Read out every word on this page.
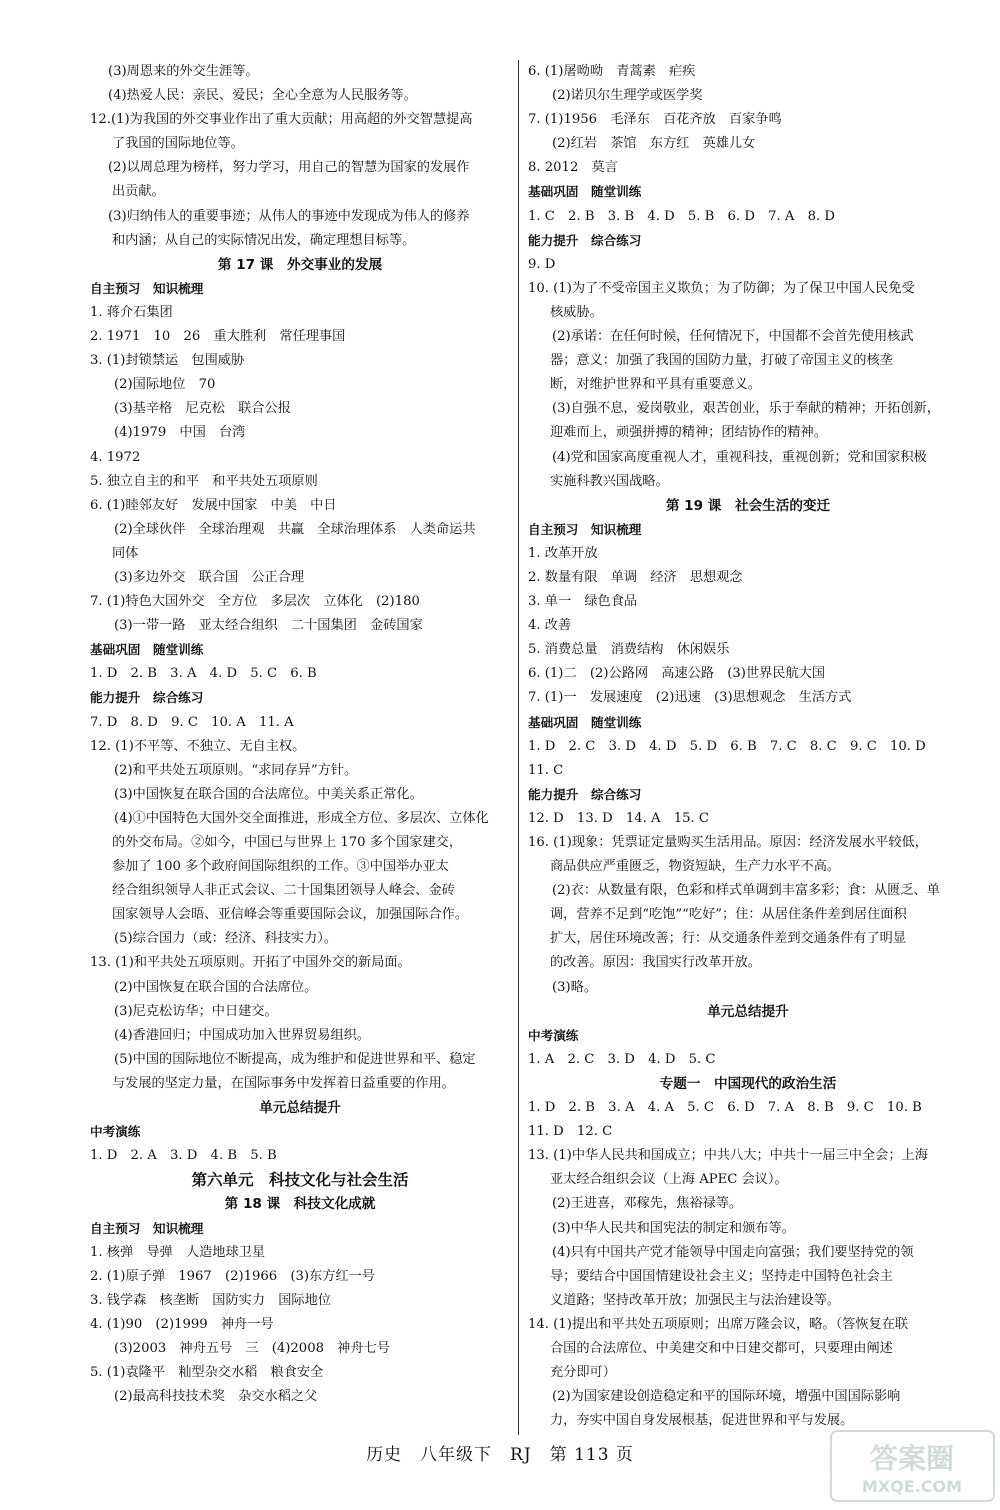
(3)周恩来的外交生涯等。
(4)热爱人民：亲民、爱民；全心全意为人民服务等。
12.(1)为我国的外交事业作出了重大贡献；用高超的外交智慧提高
了我国的国际地位等。
(2)以周总理为榜样，努力学习，用自己的智慧为国家的发展作
出贡献。
(3)归纳伟人的重要事迹；从伟人的事迹中发现成为伟人的修养
和内涵；从自己的实际情况出发，确定理想目标等。
第 17 课　外交事业的发展
自主预习　知识梳理
1. 蒋介石集团
2. 1971　10　26　重大胜利　常任理事国
3. (1)封锁禁运　包围威胁
(2)国际地位　70
(3)基辛格　尼克松　联合公报
(4)1979　中国　台湾
4. 1972
5. 独立自主的和平　和平共处五项原则
6. (1)睦邻友好　发展中国家　中美　中日
(2)全球伙伴　全球治理观　共赢　全球治理体系　人类命运共
同体
(3)多边外交　联合国　公正合理
7. (1)特色大国外交　全方位　多层次　立体化　(2)180
(3)一带一路　亚太经合组织　二十国集团　金砖国家
基础巩固　随堂训练
1. D　2. B　3. A　4. D　5. C　6. B
能力提升　综合练习
7. D　8. D　9. C　10. A　11. A
12. (1)不平等、不独立、无自主权。
(2)和平共处五项原则。“求同存异”方针。
(3)中国恢复在联合国的合法席位。中美关系正常化。
(4)①中国特色大国外交全面推进，形成全方位、多层次、立体化
的外交布局。②如今，中国已与世界上 170 多个国家建交，
参加了 100 多个政府间国际组织的工作。③中国举办亚太
经合组织领导人非正式会议、二十国集团领导人峰会、金砖
国家领导人会晤、亚信峰会等重要国际会议，加强国际合作。
(5)综合国力（或：经济、科技实力）。
13. (1)和平共处五项原则。开拓了中国外交的新局面。
(2)中国恢复在联合国的合法席位。
(3)尼克松访华；中日建交。
(4)香港回归；中国成功加入世界贸易组织。
(5)中国的国际地位不断提高，成为维护和促进世界和平、稳定
与发展的坚定力量，在国际事务中发挥着日益重要的作用。
单元总结提升
中考演练
1. D　2. A　3. D　4. B　5. B
第六单元　科技文化与社会生活
第 18 课　科技文化成就
自主预习　知识梳理
1. 核弹　导弹　人造地球卫星
2. (1)原子弹　1967　(2)1966　(3)东方红一号
3. 钱学森　核垄断　国防实力　国际地位
4. (1)90　(2)1999　神舟一号
(3)2003　神舟五号　三　(4)2008　神舟七号
5. (1)袁隆平　籼型杂交水稻　粮食安全
(2)最高科技技术奖　杂交水稻之父
6. (1)屠呦呦　青蒿素　疟疾
(2)诺贝尔生理学或医学奖
7. (1)1956　毛泽东　百花齐放　百家争鸣
(2)红岩　茶馆　东方红　英雄儿女
8. 2012　莫言
基础巩固　随堂训练
1. C　2. B　3. B　4. D　5. B　6. D　7. A　8. D
能力提升　综合练习
9. D
10. (1)为了不受帝国主义欺负；为了防御；为了保卫中国人民免受
核威胁。
(2)承诺：在任何时候，任何情况下，中国都不会首先使用核武
器；意义：加强了我国的国防力量，打破了帝国主义的核垄
断，对维护世界和平具有重要意义。
(3)自强不息，爱岗敬业，艰苦创业，乐于奉献的精神；开拓创新，
迎难而上，顽强拼搏的精神；团结协作的精神。
(4)党和国家高度重视人才，重视科技，重视创新；党和国家积极
实施科教兴国战略。
第 19 课　社会生活的变迁
自主预习　知识梳理
1. 改革开放
2. 数量有限　单调　经济　思想观念
3. 单一　绿色食品
4. 改善
5. 消费总量　消费结构　休闲娱乐
6. (1)二　(2)公路网　高速公路　(3)世界民航大国
7. (1)一　发展速度　(2)迅速　(3)思想观念　生活方式
基础巩固　随堂训练
1. D　2. C　3. D　4. D　5. D　6. B　7. C　8. C　9. C　10. D
11. C
能力提升　综合练习
12. D　13. D　14. A　15. C
16. (1)现象：凭票证定量购买生活用品。原因：经济发展水平较低，
商品供应严重匮乏，物资短缺，生产力水平不高。
(2)衣：从数量有限，色彩和样式单调到丰富多彩；食：从匮乏、单
调，营养不足到“吃饱”“吃好”；住：从居住条件差到居住面积
扩大，居住环境改善；行：从交通条件差到交通条件有了明显
的改善。原因：我国实行改革开放。
(3)略。
单元总结提升
中考演练
1. A　2. C　3. D　4. D　5. C
专题一　中国现代的政治生活
1. D　2. B　3. A　4. A　5. C　6. D　7. A　8. B　9. C　10. B
11. D　12. C
13. (1)中华人民共和国成立；中共八大；中共十一届三中全会；上海
亚太经合组织会议（上海 APEC 会议）。
(2)王进喜，邓稼先，焦裕禄等。
(3)中华人民共和国宪法的制定和颁布等。
(4)只有中国共产党才能领导中国走向富强；我们要坚持党的领
导；要结合中国国情建设社会主义；坚持走中国特色社会主
义道路；坚持改革开放；加强民主与法治建设等。
14. (1)提出和平共处五项原则；出席万隆会议，略。（答恢复在联
合国的合法席位、中美建交和中日建交都可，只要理由阐述
充分即可）
(2)为国家建设创造稳定和平的国际环境，增强中国国际影响
力，夯实中国自身发展根基，促进世界和平与发展。
历史　八年级下　RJ　第 113 页	答案圈
MXQE.COM
